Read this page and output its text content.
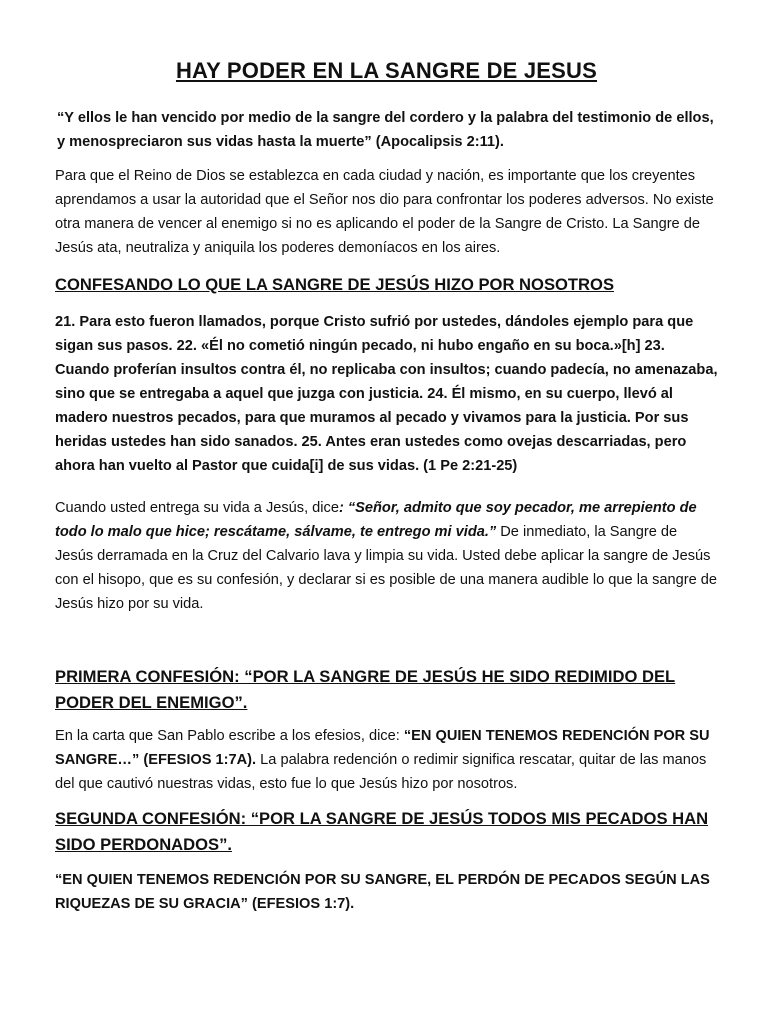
HAY PODER EN LA SANGRE DE JESUS

“Y ellos le han vencido por medio de la sangre del cordero y la palabra del testimonio de ellos, y menospreciaron sus vidas hasta la muerte” (Apocalipsis 2:11).

Para que el Reino de Dios se establezca en cada ciudad y nación, es importante que los creyentes aprendamos a usar la autoridad que el Señor nos dio para confrontar los poderes adversos. No existe otra manera de vencer al enemigo si no es aplicando el poder de la Sangre de Cristo. La Sangre de Jesús ata, neutraliza y aniquila los poderes demoníacos en los aires.

CONFESANDO LO QUE LA SANGRE DE JESÚS HIZO POR NOSOTROS

21. Para esto fueron llamados, porque Cristo sufrió por ustedes, dándoles ejemplo para que sigan sus pasos. 22. «Él no cometió ningún pecado, ni hubo engaño en su boca.»[h] 23. Cuando proferían insultos contra él, no replicaba con insultos; cuando padecía, no amenazaba, sino que se entregaba a aquel que juzga con justicia. 24. Él mismo, en su cuerpo, llevó al madero nuestros pecados, para que muramos al pecado y vivamos para la justicia. Por sus heridas ustedes han sido sanados. 25. Antes eran ustedes como ovejas descarriadas, pero ahora han vuelto al Pastor que cuida[i] de sus vidas. (1 Pe 2:21-25)

Cuando usted entrega su vida a Jesús, dice: “Señor, admito que soy pecador, me arrepiento de todo lo malo que hice; rescátame, sálvame, te entrego mi vida.” De inmediato, la Sangre de Jesús derramada en la Cruz del Calvario lava y limpia su vida. Usted debe aplicar la sangre de Jesús con el hisopo, que es su confesión, y declarar si es posible de una manera audible lo que la sangre de Jesús hizo por su vida.

PRIMERA CONFESIÓN: “POR LA SANGRE DE JESÚS HE SIDO REDIMIDO DEL PODER DEL ENEMIGO”.

En la carta que San Pablo escribe a los efesios, dice: “EN QUIEN TENEMOS REDENCIÓN POR SU SANGRE…” (EFESIOS 1:7A). La palabra redención o redimir significa rescatar, quitar de las manos del que cautivó nuestras vidas, esto fue lo que Jesús hizo por nosotros.

SEGUNDA CONFESIÓN: “POR LA SANGRE DE JESÚS TODOS MIS PECADOS HAN SIDO PERDONADOS”.

“EN QUIEN TENEMOS REDENCIÓN POR SU SANGRE, EL PERDÓN DE PECADOS SEGÚN LAS RIQUEZAS DE SU GRACIA” (EFESIOS 1:7).
